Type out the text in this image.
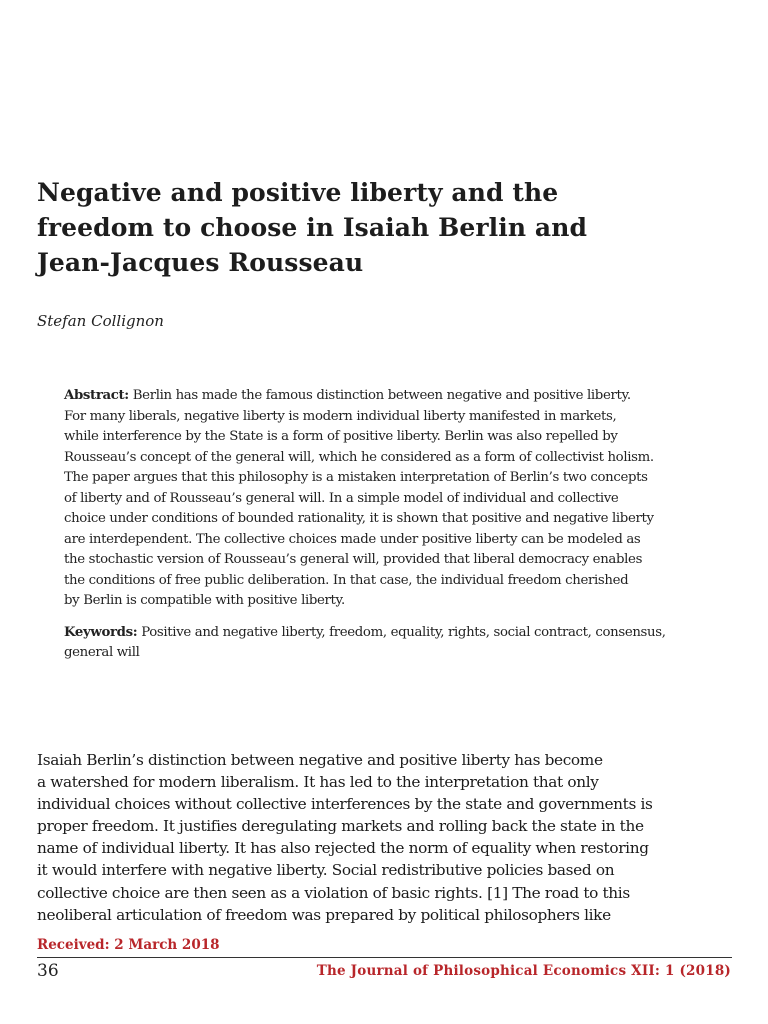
Negative and positive liberty and the
freedom to choose in Isaiah Berlin and
Jean-Jacques Rousseau
Stefan Collignon
Abstract: Berlin has made the famous distinction between negative and positive liberty.
For many liberals, negative liberty is modern individual liberty manifested in markets,
while interference by the State is a form of positive liberty. Berlin was also repelled by
Rousseau’s concept of the general will, which he considered as a form of collectivist holism.
The paper argues that this philosophy is a mistaken interpretation of Berlin’s two concepts
of liberty and of Rousseau’s general will. In a simple model of individual and collective
choice under conditions of bounded rationality, it is shown that positive and negative liberty
are interdependent. The collective choices made under positive liberty can be modeled as
the stochastic version of Rousseau’s general will, provided that liberal democracy enables
the conditions of free public deliberation. In that case, the individual freedom cherished
by Berlin is compatible with positive liberty.
Keywords: Positive and negative liberty, freedom, equality, rights, social contract, consensus,
general will
Isaiah Berlin’s distinction between negative and positive liberty has become
a watershed for modern liberalism. It has led to the interpretation that only
individual choices without collective interferences by the state and governments is
proper freedom. It justifies deregulating markets and rolling back the state in the
name of individual liberty. It has also rejected the norm of equality when restoring
it would interfere with negative liberty. Social redistributive policies based on
collective choice are then seen as a violation of basic rights. [1] The road to this
neoliberal articulation of freedom was prepared by political philosophers like
Received: 2 March 2018
36	The Journal of Philosophical Economics XII: 1 (2018)
